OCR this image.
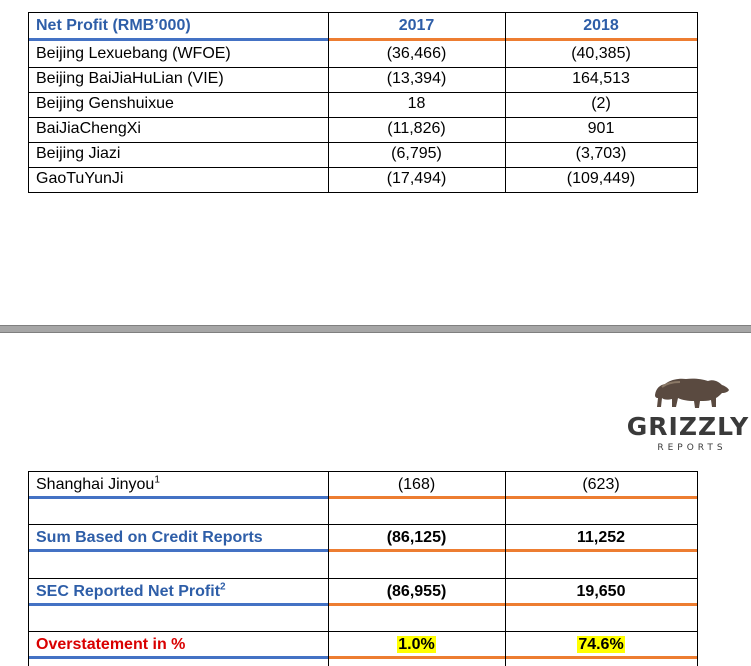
Net Profit (RMB’000)	2017	2018
Beijing Lexuebang (WFOE)	(36,466)	(40,385)
Beijing BaiJiaHuLian (VIE)	(13,394)	164,513
Beijing Genshuixue	18	(2)
BaiJiaChengXi	(11,826)	901
Beijing Jiazi	(6,795)	(3,703)
GaoTuYunJi	(17,494)	(109,449)
GRIZZLY
REPORTS
Shanghai Jinyou$^1$	(168)	(623)
Sum Based on Credit Reports	(86,125)	11,252
SEC Reported Net Profit$^2$	(86,955)	19,650
Overstatement in %	1.0%	74.6%
